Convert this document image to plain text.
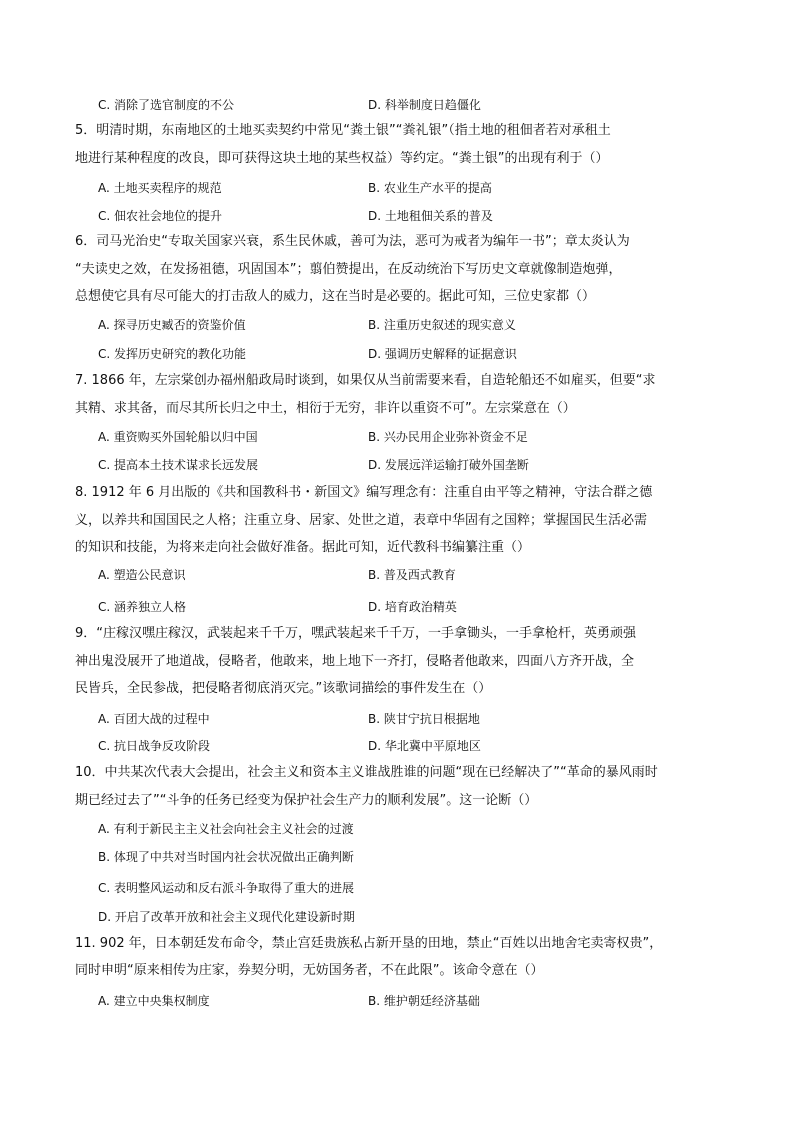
C. 消除了选官制度的不公	D. 科举制度日趋僵化
5．明清时期，东南地区的土地买卖契约中常见“粪土银”“粪礼银”（指土地的租佃者若对承租土
地进行某种程度的改良，即可获得这块土地的某些权益）等约定。“粪土银”的出现有利于（）
A. 土地买卖程序的规范	B. 农业生产水平的提高
C. 佃农社会地位的提升	D. 土地租佃关系的普及
6．司马光治史“专取关国家兴衰，系生民休戚，善可为法，恶可为戒者为编年一书”；章太炎认为
“夫读史之效，在发扬祖德，巩固国本”；翦伯赞提出，在反动统治下写历史文章就像制造炮弹，
总想使它具有尽可能大的打击敌人的威力，这在当时是必要的。据此可知，三位史家都（）
A. 探寻历史臧否的资鉴价值	B. 注重历史叙述的现实意义
C. 发挥历史研究的教化功能	D. 强调历史解释的证据意识
7. 1866 年，左宗棠创办福州船政局时谈到，如果仅从当前需要来看，自造轮船还不如雇买，但要“求
其精、求其备，而尽其所长归之中土，相衍于无穷，非许以重资不可”。左宗棠意在（）
A. 重资购买外国轮船以归中国	B. 兴办民用企业弥补资金不足
C. 提高本土技术谋求长远发展	D. 发展远洋运输打破外国垄断
8. 1912 年 6 月出版的《共和国教科书・新国文》编写理念有：注重自由平等之精神，守法合群之德
义，以养共和国国民之人格；注重立身、居家、处世之道，表章中华固有之国粹；掌握国民生活必需
的知识和技能，为将来走向社会做好准备。据此可知，近代教科书编纂注重（）
A. 塑造公民意识	B. 普及西式教育
C. 涵养独立人格	D. 培育政治精英
9．“庄稼汉嘿庄稼汉，武装起来千千万，嘿武装起来千千万，一手拿锄头，一手拿枪杆，英勇顽强
神出鬼没展开了地道战，侵略者，他敢来，地上地下一齐打，侵略者他敢来，四面八方齐开战，全
民皆兵，全民参战，把侵略者彻底消灭完。”该歌词描绘的事件发生在（）
A. 百团大战的过程中	B. 陕甘宁抗日根据地
C. 抗日战争反攻阶段	D. 华北冀中平原地区
10．中共某次代表大会提出，社会主义和资本主义谁战胜谁的问题“现在已经解决了”“革命的暴风雨时
期已经过去了”“斗争的任务已经变为保护社会生产力的顺利发展”。这一论断（）
A. 有利于新民主主义社会向社会主义社会的过渡
B. 体现了中共对当时国内社会状况做出正确判断
C. 表明整风运动和反右派斗争取得了重大的进展
D. 开启了改革开放和社会主义现代化建设新时期
11. 902 年，日本朝廷发布命令，禁止宫廷贵族私占新开垦的田地，禁止“百姓以出地舍宅卖寄权贵”，
同时申明“原来相传为庄家，券契分明，无妨国务者，不在此限”。该命令意在（）
A. 建立中央集权制度	B. 维护朝廷经济基础
